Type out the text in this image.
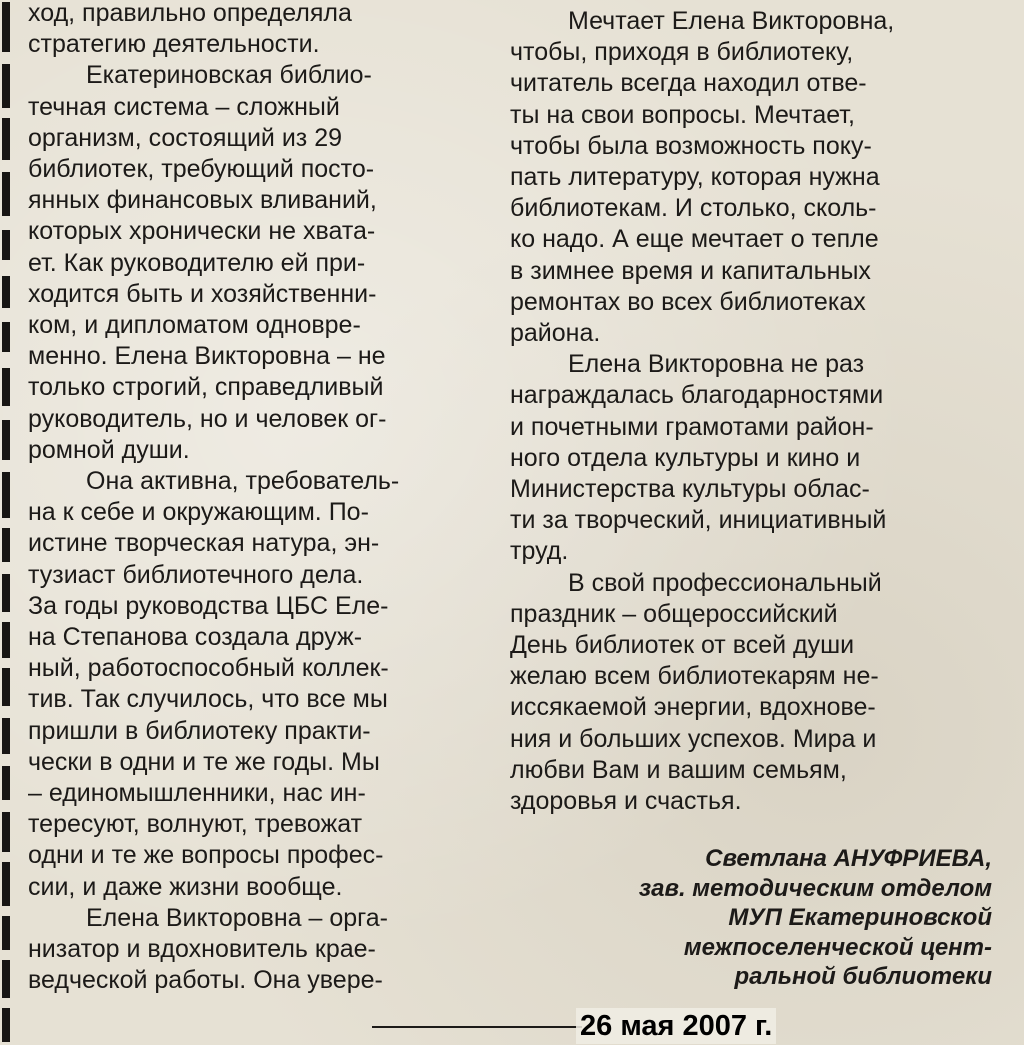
ход, правильно определяла
стратегию деятельности.

Екатериновская библио-
течная система – сложный
организм, состоящий из 29
библиотек, требующий посто-
янных финансовых вливаний,
которых хронически не хвата-
ет. Как руководителю ей при-
ходится быть и хозяйственни-
ком, и дипломатом одновре-
менно. Елена Викторовна – не
только строгий, справедливый
руководитель, но и человек ог-
ромной души.

Она активна, требователь-
на к себе и окружающим. По-
истине творческая натура, эн-
тузиаст библиотечного дела.
За годы руководства ЦБС Еле-
на Степанова создала друж-
ный, работоспособный коллек-
тив. Так случилось, что все мы
пришли в библиотеку практи-
чески в одни и те же годы. Мы
– единомышленники, нас ин-
тересуют, волнуют, тревожат
одни и те же вопросы профес-
сии, и даже жизни вообще.

Елена Викторовна – орга-
низатор и вдохновитель крае-
ведческой работы. Она увере-

Мечтает Елена Викторовна,
чтобы, приходя в библиотеку,
читатель всегда находил отве-
ты на свои вопросы. Мечтает,
чтобы была возможность поку-
пать литературу, которая нужна
библиотекам. И столько, сколь-
ко надо. А еще мечтает о тепле
в зимнее время и капитальных
ремонтах во всех библиотеках
района.

Елена Викторовна не раз
награждалась благодарностями
и почетными грамотами район-
ного отдела культуры и кино и
Министерства культуры облас-
ти за творческий, инициативный
труд.

В свой профессиональный
праздник – общероссийский
День библиотек от всей души
желаю всем библиотекарям не-
иссякаемой энергии, вдохнове-
ния и больших успехов. Мира и
любви Вам и вашим семьям,
здоровья и счастья.

Светлана АНУФРИЕВА,
зав. методическим отделом
МУП Екатериновской
межпоселенческой цент-
ральной библиотеки
26 мая 2007 г.
